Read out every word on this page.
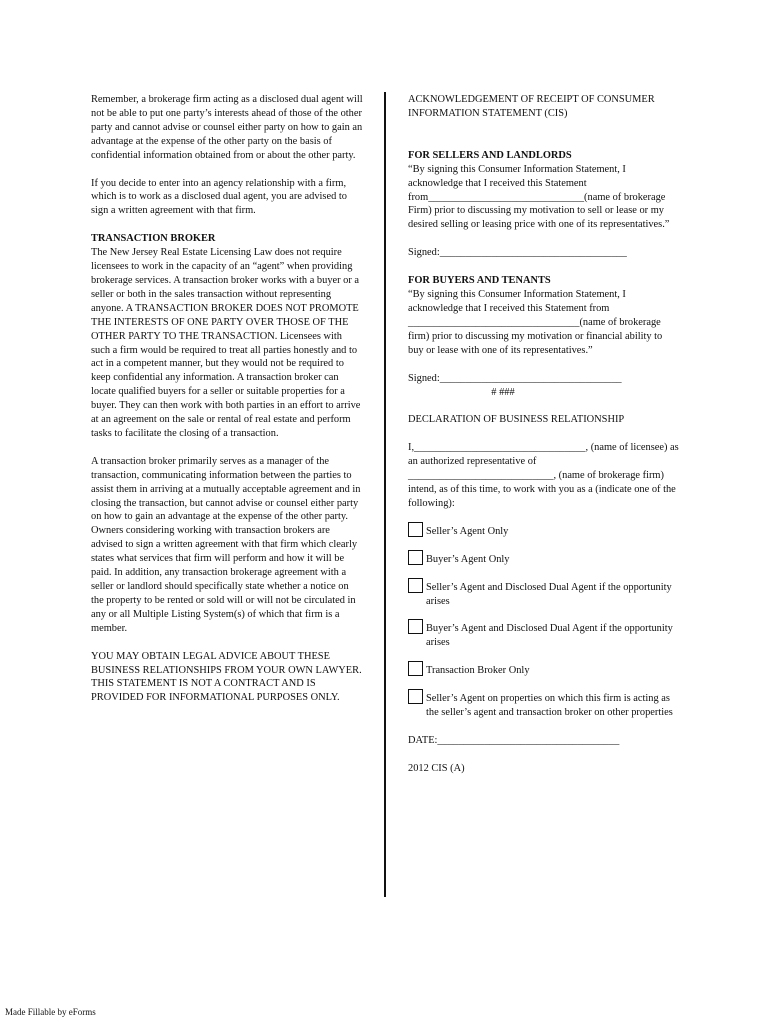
Remember, a brokerage firm acting as a disclosed dual agent will not be able to put one party’s interests ahead of those of the other party and cannot advise or counsel either party on how to gain an advantage at the expense of the other party on the basis of confidential information obtained from or about the other party.

If you decide to enter into an agency relationship with a firm, which is to work as a disclosed dual agent, you are advised to sign a written agreement with that firm.

TRANSACTION BROKER

The New Jersey Real Estate Licensing Law does not require licensees to work in the capacity of an “agent” when providing brokerage services. A transaction broker works with a buyer or a seller or both in the sales transaction without representing anyone. A TRANSACTION BROKER DOES NOT PROMOTE THE INTERESTS OF ONE PARTY OVER THOSE OF THE OTHER PARTY TO THE TRANSACTION. Licensees with such a firm would be required to treat all parties honestly and to act in a competent manner, but they would not be required to keep confidential any information. A transaction broker can locate qualified buyers for a seller or suitable properties for a buyer. They can then work with both parties in an effort to arrive at an agreement on the sale or rental of real estate and perform tasks to facilitate the closing of a transaction.

A transaction broker primarily serves as a manager of the transaction, communicating information between the parties to assist them in arriving at a mutually acceptable agreement and in closing the transaction, but cannot advise or counsel either party on how to gain an advantage at the expense of the other party. Owners considering working with transaction brokers are advised to sign a written agreement with that firm which clearly states what services that firm will perform and how it will be paid. In addition, any transaction brokerage agreement with a seller or landlord should specifically state whether a notice on the property to be rented or sold will or will not be circulated in any or all Multiple Listing System(s) of which that firm is a member.

YOU MAY OBTAIN LEGAL ADVICE ABOUT THESE BUSINESS RELATIONSHIPS FROM YOUR OWN LAWYER.

THIS STATEMENT IS NOT A CONTRACT AND IS PROVIDED FOR INFORMATIONAL PURPOSES ONLY.

ACKNOWLEDGEMENT OF RECEIPT OF CONSUMER INFORMATION STATEMENT (CIS)

FOR SELLERS AND LANDLORDS

“By signing this Consumer Information Statement, I acknowledge that I received this Statement from______________________________(name of brokerage Firm) prior to discussing my motivation to sell or lease or my desired selling or leasing price with one of its representatives.”

Signed:____________________________________

FOR BUYERS AND TENANTS

“By signing this Consumer Information Statement, I acknowledge that I received this Statement from _________________________________(name of brokerage firm) prior to discussing my motivation or financial ability to buy or lease with one of its representatives.”

Signed:___________________________________

# ###

DECLARATION OF BUSINESS RELATIONSHIP

I,_________________________________, (name of licensee) as an authorized representative of ____________________________, (name of brokerage firm) intend, as of this time, to work with you as a (indicate one of the following):

Seller’s Agent Only
Buyer’s Agent Only
Seller’s Agent and Disclosed Dual Agent if the opportunity arises
Buyer’s Agent and Disclosed Dual Agent if the opportunity arises
Transaction Broker Only
Seller’s Agent on properties on which this firm is acting as the seller’s agent and transaction broker on other properties

DATE:___________________________________

2012 CIS (A)

Made Fillable by eForms
